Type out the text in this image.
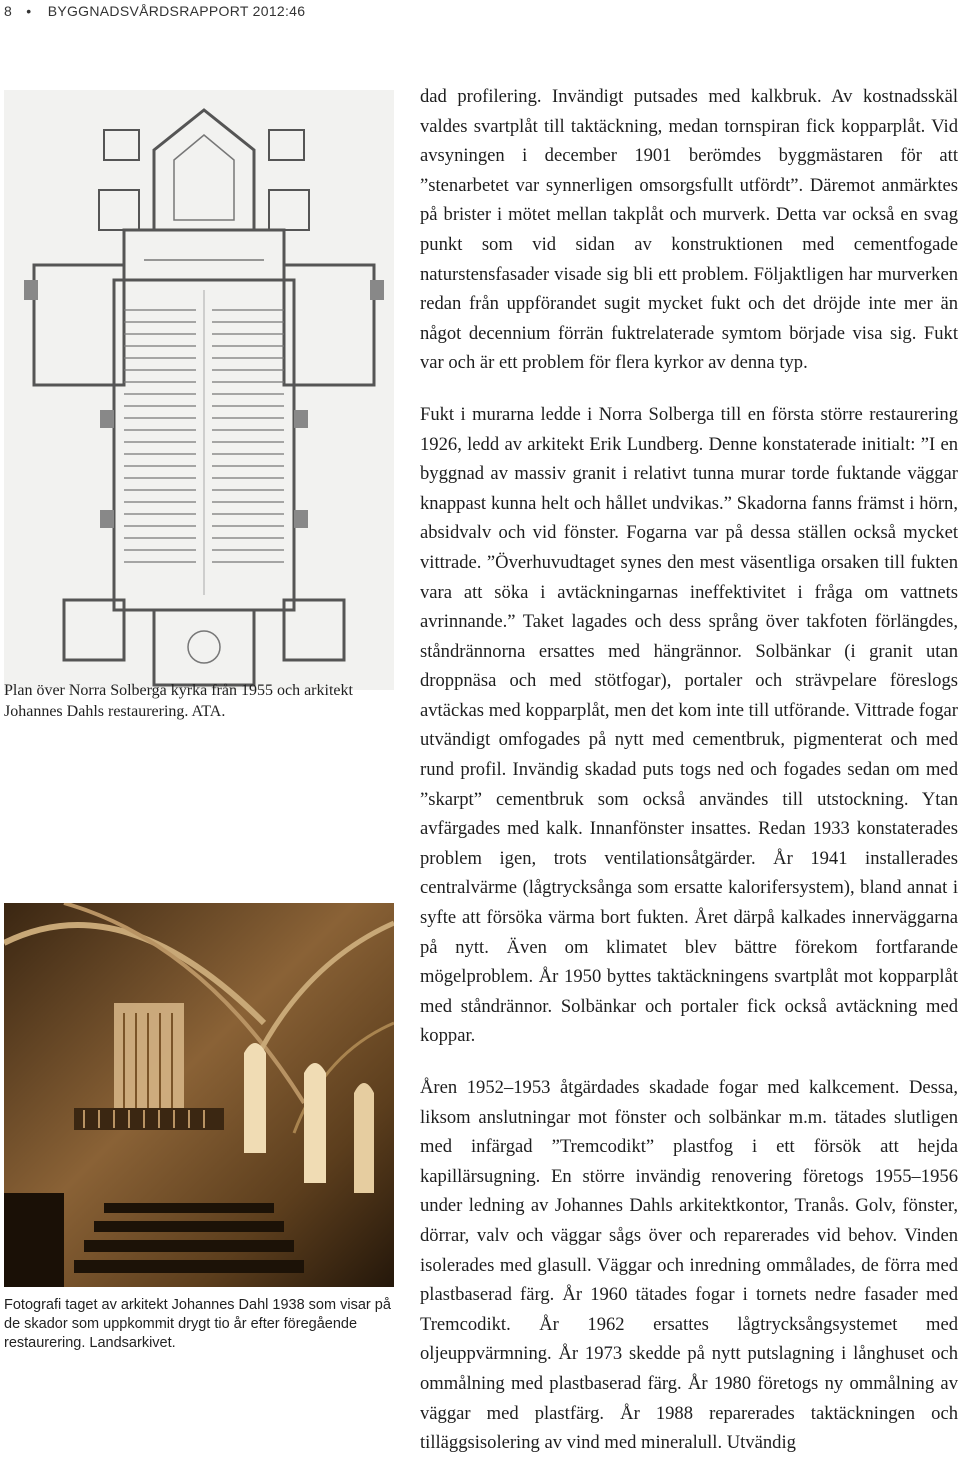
8 • BYGGNADSVÅRDSRAPPORT 2012:46
Plan över Norra Solberga kyrka från 1955 och arkitekt Johannes Dahls restaurering. ATA.
Fotografi taget av arkitekt Johannes Dahl 1938 som visar på de skador som uppkommit drygt tio år efter föregående restaurering. Landsarkivet.

dad profilering. Invändigt putsades med kalkbruk. Av kostnadsskäl valdes svartplåt till taktäckning, medan tornspiran fick kopparplåt. Vid avsyningen i december 1901 berömdes byggmästaren för att ”stenarbetet var synnerligen omsorgsfullt utfördt”. Däremot anmärktes på brister i mötet mellan takplåt och murverk. Detta var också en svag punkt som vid sidan av konstruktionen med cementfogade naturstensfasader visade sig bli ett problem. Följaktligen har murverken redan från uppförandet sugit mycket fukt och det dröjde inte mer än något decennium förrän fuktrelaterade symtom började visa sig. Fukt var och är ett problem för flera kyrkor av denna typ.

Fukt i murarna ledde i Norra Solberga till en första större restaurering 1926, ledd av arkitekt Erik Lundberg. Denne konstaterade initialt: ”I en byggnad av massiv granit i relativt tunna murar torde fuktande väggar knappast kunna helt och hållet undvikas.” Skadorna fanns främst i hörn, absidvalv och vid fönster. Fogarna var på dessa ställen också mycket vittrade. ”Överhuvudtaget synes den mest väsentliga orsaken till fukten vara att söka i avtäckningarnas ineffektivitet i fråga om vattnets avrinnande.” Taket lagades och dess språng över takfoten förlängdes, ståndrännorna ersattes med hängrännor. Solbänkar (i granit utan droppnäsa och med stötfogar), portaler och strävpelare föreslogs avtäckas med kopparplåt, men det kom inte till utförande. Vittrade fogar utvändigt omfogades på nytt med cementbruk, pigmenterat och med rund profil. Invändig skadad puts togs ned och fogades sedan om med ”skarpt” cementbruk som också användes till utstockning. Ytan avfärgades med kalk. Innanfönster insattes. Redan 1933 konstaterades problem igen, trots ventilationsåtgärder. År 1941 installerades centralvärme (lågtrycksånga som ersatte kalorifersystem), bland annat i syfte att försöka värma bort fukten. Året därpå kalkades innerväggarna på nytt. Även om klimatet blev bättre förekom fortfarande mögelproblem. År 1950 byttes taktäckningens svartplåt mot kopparplåt med ståndrännor. Solbänkar och portaler fick också avtäckning med koppar.

Åren 1952–1953 åtgärdades skadade fogar med kalkcement. Dessa, liksom anslutningar mot fönster och solbänkar m.m. tätades slutligen med infärgad ”Tremcodikt” plastfog i ett försök att hejda kapillärsugning. En större invändig renovering företogs 1955–1956 under ledning av Johannes Dahls arkitektkontor, Tranås. Golv, fönster, dörrar, valv och väggar sågs över och reparerades vid behov. Vinden isolerades med glasull. Väggar och inredning ommålades, de förra med plastbaserad färg. År 1960 tätades fogar i tornets nedre fasader med Tremcodikt. År 1962 ersattes lågtrycksångsystemet med oljeuppvärmning. År 1973 skedde på nytt putslagning i långhuset och ommålning med plastbaserad färg. År 1980 företogs ny ommålning av väggar med plastfärg. År 1988 reparerades taktäckningen och tilläggsisolering av vind med mineralull. Utvändig
